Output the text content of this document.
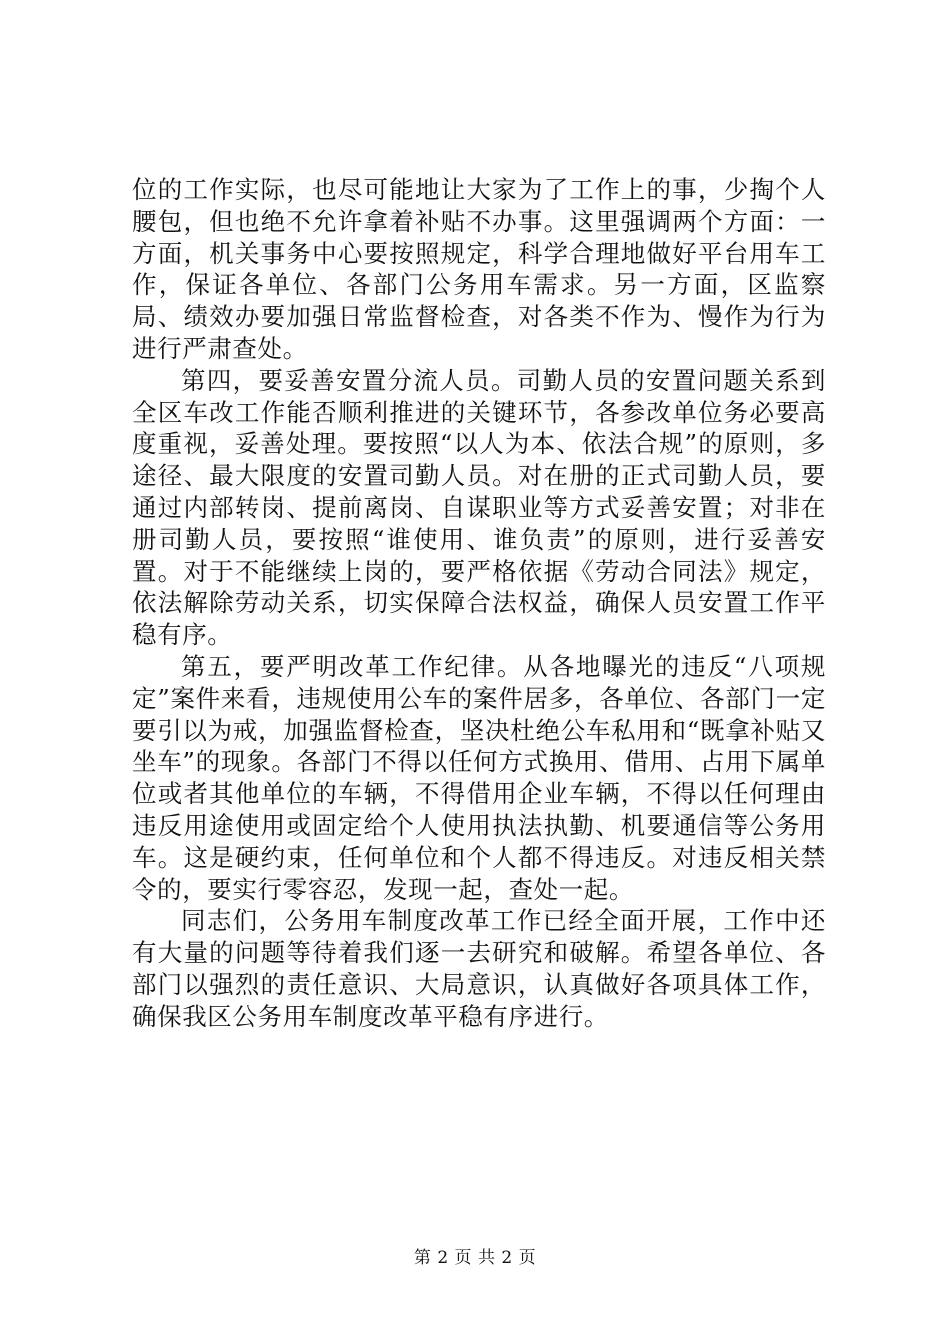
位的工作实际，也尽可能地让大家为了工作上的事，少掏个人腰包，但也绝不允许拿着补贴不办事。这里强调两个方面：一方面，机关事务中心要按照规定，科学合理地做好平台用车工作，保证各单位、各部门公务用车需求。另一方面，区监察局、绩效办要加强日常监督检查，对各类不作为、慢作为行为进行严肃查处。

第四，要妥善安置分流人员。司勤人员的安置问题关系到全区车改工作能否顺利推进的关键环节，各参改单位务必要高度重视，妥善处理。要按照“以人为本、依法合规”的原则，多途径、最大限度的安置司勤人员。对在册的正式司勤人员，要通过内部转岗、提前离岗、自谋职业等方式妥善安置；对非在册司勤人员，要按照“谁使用、谁负责”的原则，进行妥善安置。对于不能继续上岗的，要严格依据《劳动合同法》规定，依法解除劳动关系，切实保障合法权益，确保人员安置工作平稳有序。

第五，要严明改革工作纪律。从各地曝光的违反“八项规定”案件来看，违规使用公车的案件居多，各单位、各部门一定要引以为戒，加强监督检查，坚决杜绝公车私用和“既拿补贴又坐车”的现象。各部门不得以任何方式换用、借用、占用下属单位或者其他单位的车辆，不得借用企业车辆，不得以任何理由违反用途使用或固定给个人使用执法执勤、机要通信等公务用车。这是硬约束，任何单位和个人都不得违反。对违反相关禁令的，要实行零容忍，发现一起，查处一起。

同志们，公务用车制度改革工作已经全面开展，工作中还有大量的问题等待着我们逐一去研究和破解。希望各单位、各部门以强烈的责任意识、大局意识，认真做好各项具体工作，确保我区公务用车制度改革平稳有序进行。

第 2 页 共 2 页
